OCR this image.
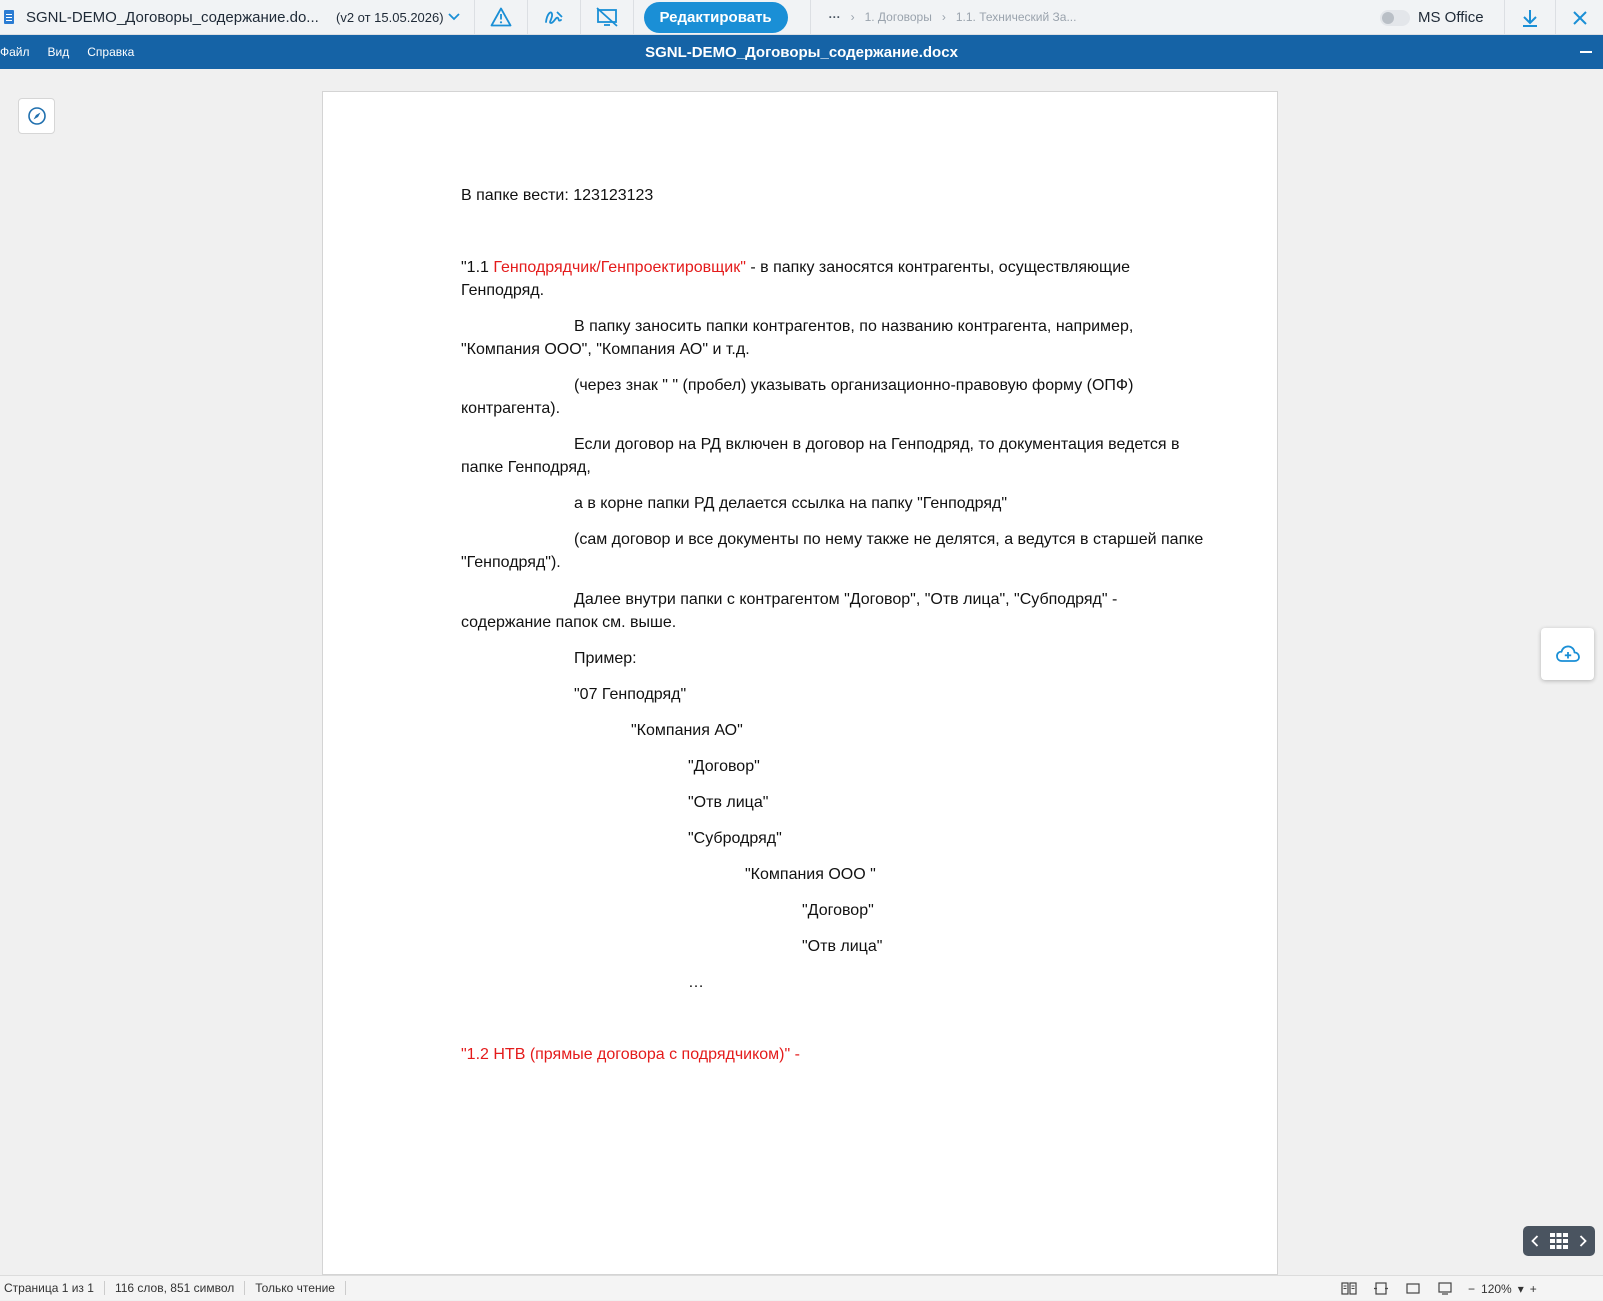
SGNL-DEMO_Договоры_содержание.do...	(v2 от 15.05.2026)	Редактировать	··· › 1. Договоры › 1.1. Технический За...	MS Office
SGNL-DEMO_Договоры_содержание.docx
Файл Вид Справка
В папке вести: 123123123
"1.1 Генподрядчик/Генпроектировщик" - в папку заносятся контрагенты, осуществляющие
Генподряд.
В папку заносить папки контрагентов, по названию контрагента, например,
"Компания ООО", "Компания АО" и т.д.
(через знак " " (пробел) указывать организационно-правовую форму (ОПФ)
контрагента).
Если договор на РД включен в договор на Генподряд, то документация ведется в
папке Генподряд,
а в корне папки РД делается ссылка на папку "Генподряд"
(сам договор и все документы по нему также не делятся, а ведутся в старшей папке
"Генподряд").
Далее внутри папки с контрагентом "Договор", "Отв лица", "Субподряд" -
содержание папок см. выше.
Пример:
"07 Генподряд"
"Компания АО"
"Договор"
"Отв лица"
"Субродряд"
"Компания ООО "
"Договор"
"Отв лица"
…
"1.2 НТВ (прямые договора с подрядчиком)" -
Страница 1 из 1	116 слов, 851 символ	Только чтение	− 120% ▾ +
